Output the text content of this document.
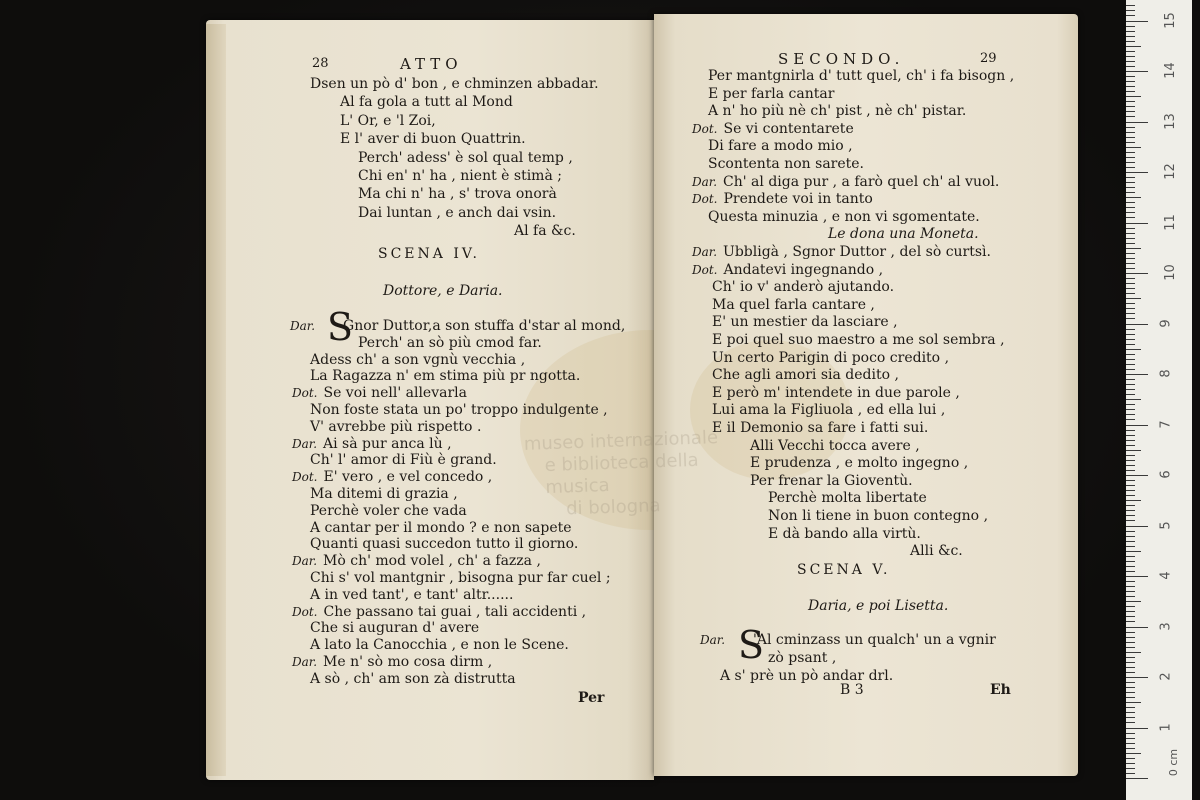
28	ATTO
SCENA IV.
Dottore, e Daria.
S
Per
SECONDO.	29
SCENA V.
Daria, e poi Lisetta.
S
B 3	Eh
museo internazionale
e biblioteca della musica
di bologna
0 cm
15
14
13
12
11
10
9
8
7
6
5
4
3
2
1
Dsen un pò d' bon , e chminzen abbadar.
Al fa gola a tutt al Mond
L' Or, e 'l Zoi,
E l' aver di buon Quattrin.
Perch' adess' è sol qual temp ,
Chi en' n' ha , nient è stimà ;
Ma chi n' ha , s' trova onorà
Dai luntan , e anch dai vsin.
Al fa &c.
Dar. Gnor Duttor,a son stuffa d'star al mond,
Perch' an sò più cmod far.
Adess ch' a son vgnù vecchia ,
La Ragazza n' em stima più pr ngotta.
Dot. Se voi nell' allevarla
Non foste stata un po' troppo indulgente ,
V' avrebbe più rispetto .
Dar. Ai sà pur anca lù ,
Ch' l' amor di Fiù è grand.
Dot. E' vero , e vel concedo ,
Ma ditemi di grazia ,
Perchè voler che vada
A cantar per il mondo ? e non sapete
Quanti quasi succedon tutto il giorno.
Dar. Mò ch' mod volel , ch' a fazza ,
Chi s' vol mantgnir , bisogna pur far cuel ;
A in ved tant', e tant' altr......
Dot. Che passano tai guai , tali accidenti ,
Che si auguran d' avere
A lato la Canocchia , e non le Scene.
Dar. Me n' sò mo cosa dirm ,
A sò , ch' am son zà distrutta
Per mantgnirla d' tutt quel, ch' i fa bisogn ,
E per farla cantar
A n' ho più nè ch' pist , nè ch' pistar.
Dot. Se vi contentarete
Di fare a modo mio ,
Scontenta non sarete.
Dar. Ch' al diga pur , a farò quel ch' al vuol.
Dot. Prendete voi in tanto
Questa minuzia , e non vi sgomentate.
Le dona una Moneta.
Dar. Ubbligà , Sgnor Duttor , del sò curtsì.
Dot. Andatevi ingegnando ,
Ch' io v' anderò ajutando.
Ma quel farla cantare ,
E' un mestier da lasciare ,
E poi quel suo maestro a me sol sembra ,
Un certo Parigin di poco credito ,
Che agli amori sia dedito ,
E però m' intendete in due parole ,
Lui ama la Figliuola , ed ella lui ,
E il Demonio sa fare i fatti sui.
Alli Vecchi tocca avere ,
E prudenza , e molto ingegno ,
Per frenar la Gioventù.
Perchè molta libertate
Non li tiene in buon contegno ,
E dà bando alla virtù.
Alli &c.
Dar. 'Al cminzass un qualch' un a vgnir
zò psant ,
A s' prè un pò andar drl.
